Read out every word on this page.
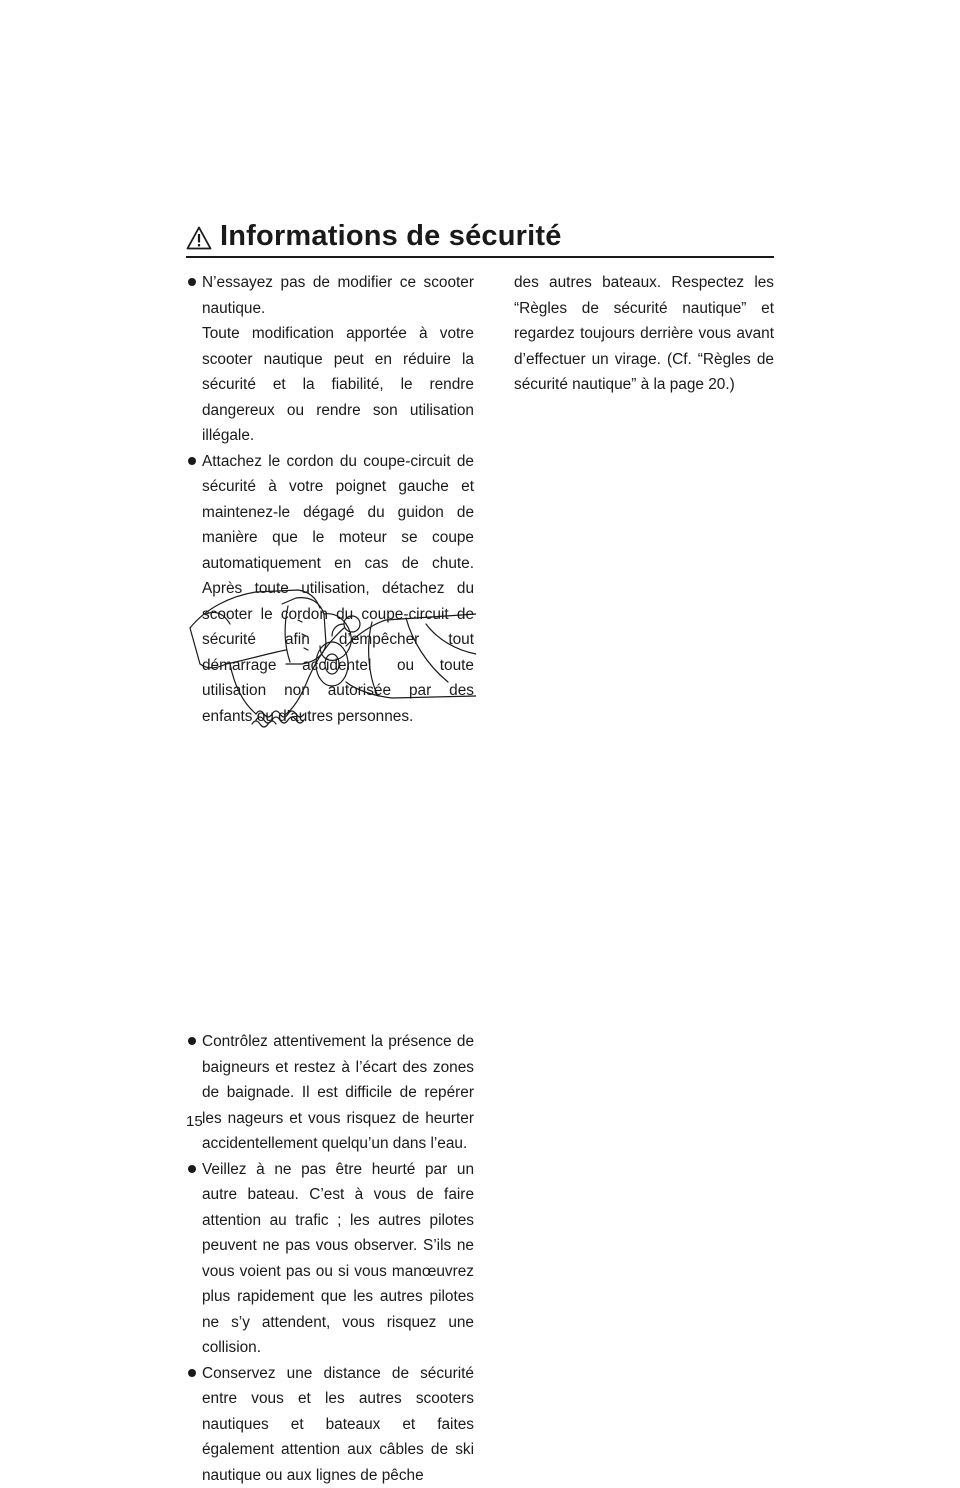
Informations de sécurité
N’essayez pas de modifier ce scooter nautique.
Toute modification apportée à votre scooter nautique peut en réduire la sécurité et la fiabilité, le rendre dangereux ou rendre son utilisation illégale.
Attachez le cordon du coupe-circuit de sécurité à votre poignet gauche et maintenez-le dégagé du guidon de manière que le moteur se coupe automatiquement en cas de chute. Après toute utilisation, détachez du scooter le cordon du coupe-circuit de sécurité afin d’empêcher tout démarrage accidentel ou toute utilisation non autorisée par des enfants ou d’autres personnes.
Contrôlez attentivement la présence de baigneurs et restez à l’écart des zones de baignade. Il est difficile de repérer les nageurs et vous risquez de heurter accidentellement quelqu’un dans l’eau.
Veillez à ne pas être heurté par un autre bateau. C’est à vous de faire attention au trafic ; les autres pilotes peuvent ne pas vous observer. S’ils ne vous voient pas ou si vous manœuvrez plus rapidement que les autres pilotes ne s’y attendent, vous risquez une collision.
Conservez une distance de sécurité entre vous et les autres scooters nautiques et bateaux et faites également attention aux câbles de ski nautique ou aux lignes de pêche
des autres bateaux. Respectez les “Règles de sécurité nautique” et regardez toujours derrière vous avant d’effectuer un virage. (Cf. “Règles de sécurité nautique” à la page 20.)
15
